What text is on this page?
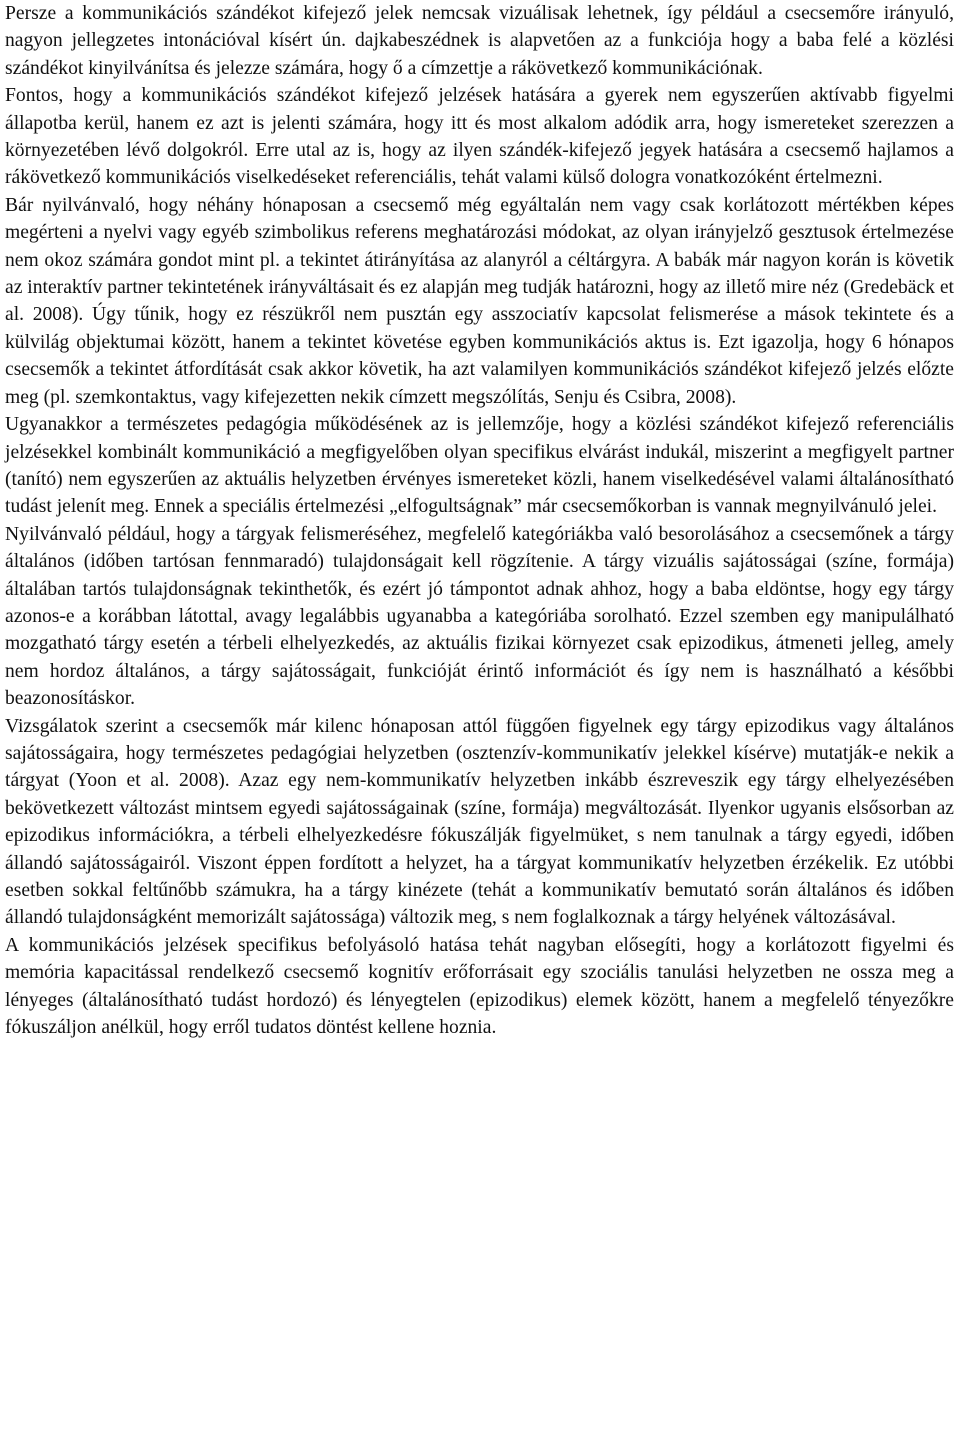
Persze a kommunikációs szándékot kifejező jelek nemcsak vizuálisak lehetnek, így például a csecsemőre irányuló, nagyon jellegzetes intonációval kísért ún. dajkabeszédnek is alapvetően az a funkciója hogy a baba felé a közlési szándékot kinyilvánítsa és jelezze számára, hogy ő a címzettje a rákövetkező kommunikációnak.

Fontos, hogy a kommunikációs szándékot kifejező jelzések hatására a gyerek nem egyszerűen aktívabb figyelmi állapotba kerül, hanem ez azt is jelenti számára, hogy itt és most alkalom adódik arra, hogy ismereteket szerezzen a környezetében lévő dolgokról. Erre utal az is, hogy az ilyen szándék-kifejező jegyek hatására a csecsemő hajlamos a rákövetkező kommunikációs viselkedéseket referenciális, tehát valami külső dologra vonatkozóként értelmezni.

Bár nyilvánvaló, hogy néhány hónaposan a csecsemő még egyáltalán nem vagy csak korlátozott mértékben képes megérteni a nyelvi vagy egyéb szimbolikus referens meghatározási módokat, az olyan irányjelző gesztusok értelmezése nem okoz számára gondot mint pl. a tekintet átirányítása az alanyról a céltárgyra. A babák már nagyon korán is követik az interaktív partner tekintetének irányváltásait és ez alapján meg tudják határozni, hogy az illető mire néz (Gredebäck et al. 2008). Úgy tűnik, hogy ez részükről nem pusztán egy asszociatív kapcsolat felismerése a mások tekintete és a külvilág objektumai között, hanem a tekintet követése egyben kommunikációs aktus is. Ezt igazolja, hogy 6 hónapos csecsemők a tekintet átfordítását csak akkor követik, ha azt valamilyen kommunikációs szándékot kifejező jelzés előzte meg (pl. szemkontaktus, vagy kifejezetten nekik címzett megszólítás, Senju és Csibra, 2008).

Ugyanakkor a természetes pedagógia működésének az is jellemzője, hogy a közlési szándékot kifejező referenciális jelzésekkel kombinált kommunikáció a megfigyelőben olyan specifikus elvárást indukál, miszerint a megfigyelt partner (tanító) nem egyszerűen az aktuális helyzetben érvényes ismereteket közli, hanem viselkedésével valami általánosítható tudást jelenít meg. Ennek a speciális értelmezési „elfogultságnak” már csecsemőkorban is vannak megnyilvánuló jelei.

Nyilvánvaló például, hogy a tárgyak felismeréséhez, megfelelő kategóriákba való besorolásához a csecsemőnek a tárgy általános (időben tartósan fennmaradó) tulajdonságait kell rögzítenie. A tárgy vizuális sajátosságai (színe, formája) általában tartós tulajdonságnak tekinthetők, és ezért jó támpontot adnak ahhoz, hogy a baba eldöntse, hogy egy tárgy azonos-e a korábban látottal, avagy legalábbis ugyanabba a kategóriába sorolható. Ezzel szemben egy manipulálható mozgatható tárgy esetén a térbeli elhelyezkedés, az aktuális fizikai környezet csak epizodikus, átmeneti jelleg, amely nem hordoz általános, a tárgy sajátosságait, funkcióját érintő információt és így nem is használható a későbbi beazonosításkor.

Vizsgálatok szerint a csecsemők már kilenc hónaposan attól függően figyelnek egy tárgy epizodikus vagy általános sajátosságaira, hogy természetes pedagógiai helyzetben (osztenzív-kommunikatív jelekkel kísérve) mutatják-e nekik a tárgyat (Yoon et al. 2008). Azaz egy nem-kommunikatív helyzetben inkább észreveszik egy tárgy elhelyezésében bekövetkezett változást mintsem egyedi sajátosságainak (színe, formája) megváltozását. Ilyenkor ugyanis elsősorban az epizodikus információkra, a térbeli elhelyezkedésre fókuszálják figyelmüket, s nem tanulnak a tárgy egyedi, időben állandó sajátosságairól. Viszont éppen fordított a helyzet, ha a tárgyat kommunikatív helyzetben érzékelik. Ez utóbbi esetben sokkal feltűnőbb számukra, ha a tárgy kinézete (tehát a kommunikatív bemutató során általános és időben állandó tulajdonságként memorizált sajátossága) változik meg, s nem foglalkoznak a tárgy helyének változásával.

A kommunikációs jelzések specifikus befolyásoló hatása tehát nagyban elősegíti, hogy a korlátozott figyelmi és memória kapacitással rendelkező csecsemő kognitív erőforrásait egy szociális tanulási helyzetben ne ossza meg a lényeges (általánosítható tudást hordozó) és lényegtelen (epizodikus) elemek között, hanem a megfelelő tényezőkre fókuszáljon anélkül, hogy erről tudatos döntést kellene hoznia.
